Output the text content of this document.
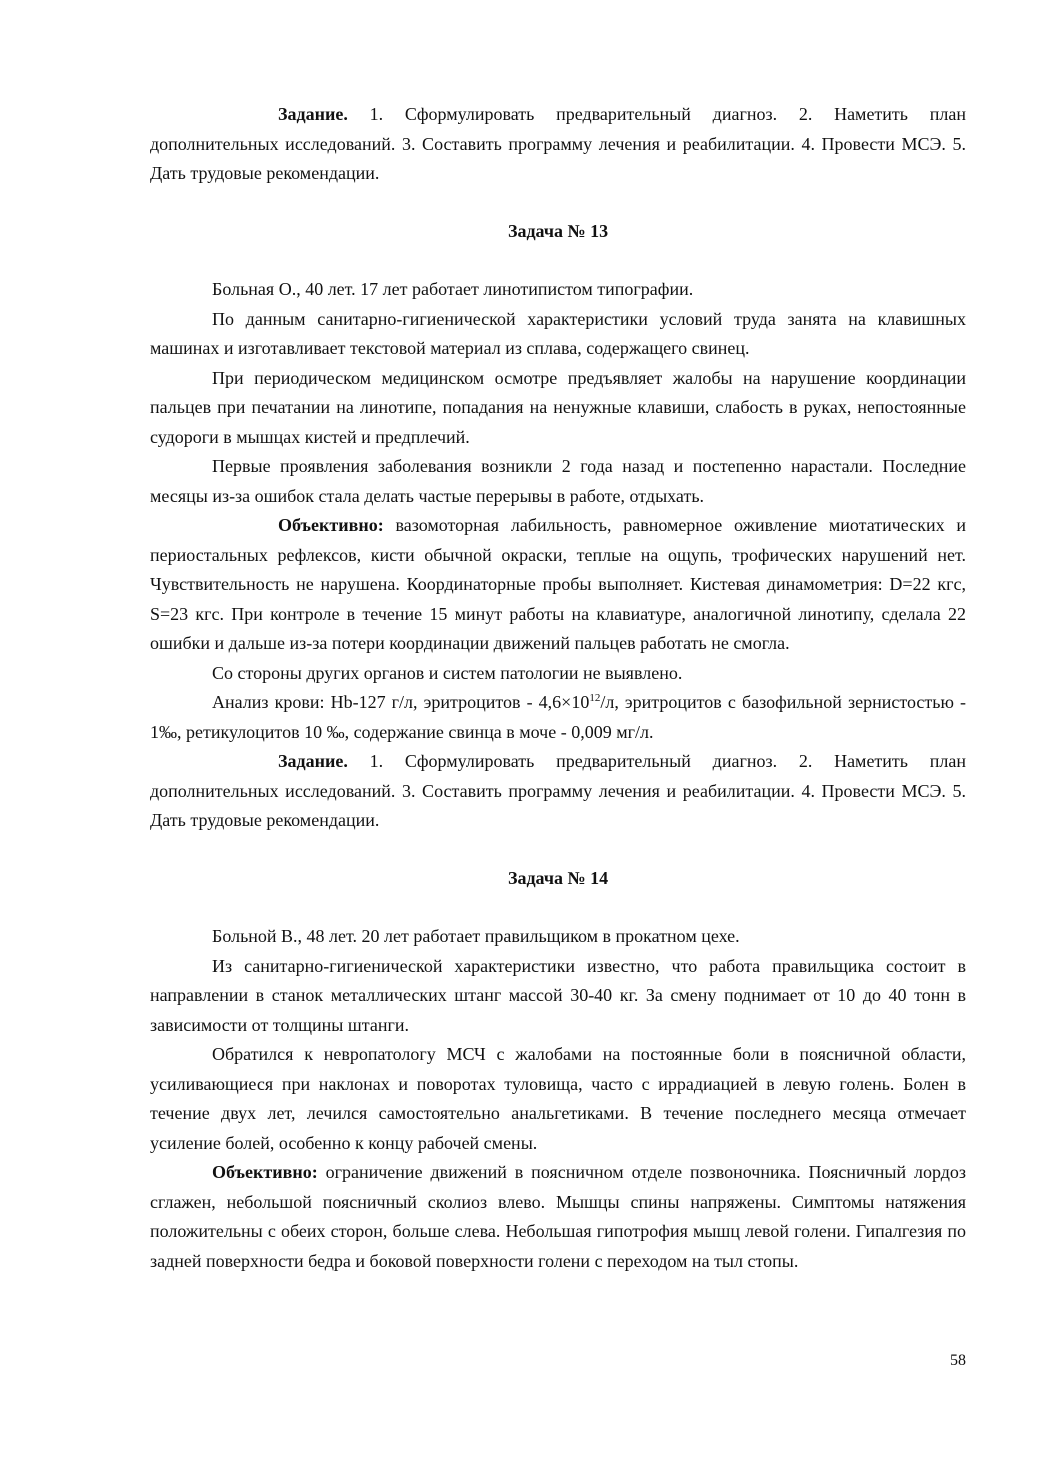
Задание. 1. Сформулировать предварительный диагноз. 2. Наметить план дополнительных исследований. 3. Составить программу лечения и реабилитации. 4. Провести МСЭ. 5. Дать трудовые рекомендации.

Задача № 13

Больная О., 40 лет. 17 лет работает линотипистом типографии.

По данным санитарно-гигиенической характеристики условий труда занята на клавишных машинах и изготавливает текстовой материал из сплава, содержащего свинец.

При периодическом медицинском осмотре предъявляет жалобы на нарушение координации пальцев при печатании на линотипе, попадания на ненужные клавиши, слабость в руках, непостоянные судороги в мышцах кистей и предплечий.

Первые проявления заболевания возникли 2 года назад и постепенно нарастали. Последние месяцы из-за ошибок стала делать частые перерывы в работе, отдыхать.

Объективно: вазомоторная лабильность, равномерное оживление миотатических и периостальных рефлексов, кисти обычной окраски, теплые на ощупь, трофических нарушений нет. Чувствительность не нарушена. Координаторные пробы выполняет. Кистевая динамометрия: D=22 кгс, S=23 кгс. При контроле в течение 15 минут работы на клавиатуре, аналогичной линотипу, сделала 22 ошибки и дальше из-за потери координации движений пальцев работать не смогла.

Со стороны других органов и систем патологии не выявлено.

Анализ крови: Hb-127 г/л, эритроцитов - $4,6\times 10^{12}/л$, эритроцитов с базофильной зернистостью - 1‰, ретикулоцитов 10 ‰, содержание свинца в моче - 0,009 мг/л.

Задание. 1. Сформулировать предварительный диагноз. 2. Наметить план дополнительных исследований. 3. Составить программу лечения и реабилитации. 4. Провести МСЭ. 5. Дать трудовые рекомендации.

Задача № 14

Больной В., 48 лет. 20 лет работает правильщиком в прокатном цехе.

Из санитарно-гигиенической характеристики известно, что работа правильщика состоит в направлении в станок металлических штанг массой 30-40 кг. За смену поднимает от 10 до 40 тонн в зависимости от толщины штанги.

Обратился к невропатологу МСЧ с жалобами на постоянные боли в поясничной области, усиливающиеся при наклонах и поворотах туловища, часто с иррадиацией в левую голень. Болен в течение двух лет, лечился самостоятельно анальгетиками. В течение последнего месяца отмечает усиление болей, особенно к концу рабочей смены.

Объективно: ограничение движений в поясничном отделе позвоночника. Поясничный лордоз сглажен, небольшой поясничный сколиоз влево. Мышцы спины напряжены. Симптомы натяжения положительны с обеих сторон, больше слева. Небольшая гипотрофия мышц левой голени. Гипалгезия по задней поверхности бедра и боковой поверхности голени с переходом на тыл стопы.

58
